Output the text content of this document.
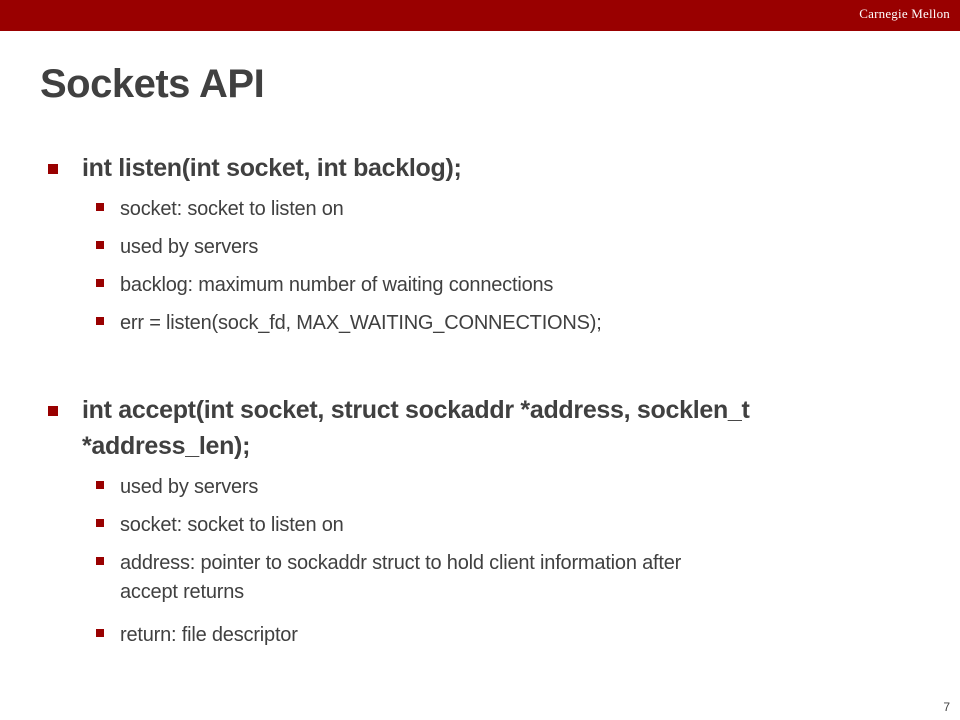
Carnegie Mellon
Sockets API
int listen(int socket, int backlog);
socket: socket to listen on
used by servers
backlog: maximum number of waiting connections
err = listen(sock_fd, MAX_WAITING_CONNECTIONS);
int accept(int socket, struct sockaddr *address, socklen_t
*address_len);
used by servers
socket: socket to listen on
address: pointer to sockaddr struct to hold client information after
accept returns
return: file descriptor
7
